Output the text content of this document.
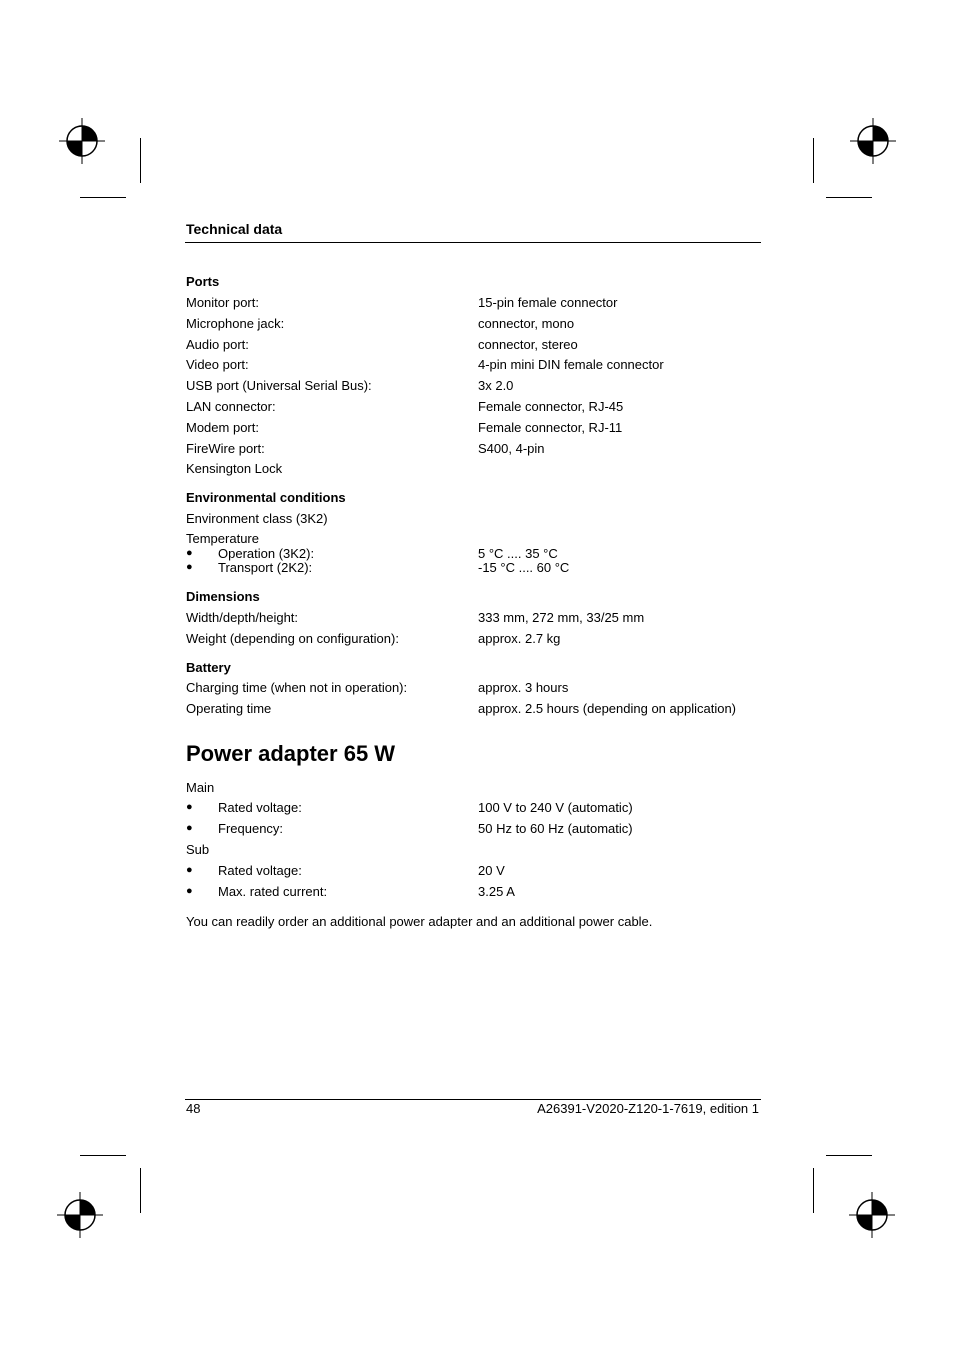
Technical data
Ports
Monitor port:	15-pin female connector
Microphone jack:	connector, mono
Audio port:	connector, stereo
Video port:	4-pin mini DIN female connector
USB port (Universal Serial Bus):	3x 2.0
LAN connector:	Female connector, RJ-45
Modem port:	Female connector, RJ-11
FireWire port:	S400, 4-pin
Kensington Lock
Environmental conditions
Environment class (3K2)
Temperature
● Operation (3K2):	5 °C .... 35 °C
● Transport (2K2):	-15 °C .... 60 °C
Dimensions
Width/depth/height:	333 mm, 272 mm, 33/25 mm
Weight (depending on configuration):	approx. 2.7 kg
Battery
Charging time (when not in operation):	approx. 3 hours
Operating time	approx. 2.5 hours (depending on application)
Power adapter 65 W
Main
● Rated voltage:	100 V to 240 V (automatic)
● Frequency:	50 Hz to 60 Hz (automatic)
Sub
● Rated voltage:	20 V
● Max. rated current:	3.25 A
You can readily order an additional power adapter and an additional power cable.
48	A26391-V2020-Z120-1-7619, edition 1
